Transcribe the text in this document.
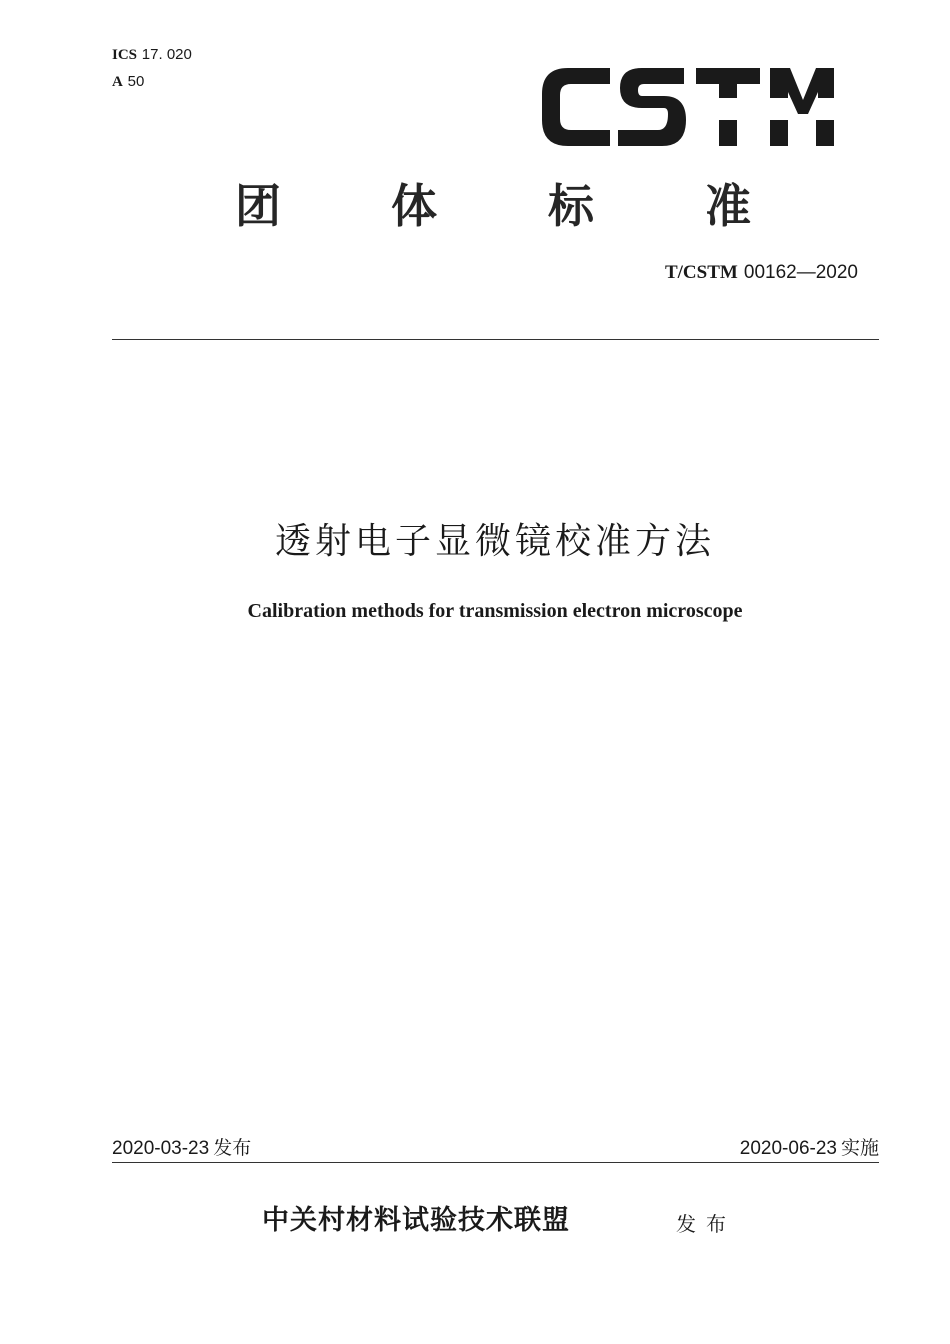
ICS 17. 020
A 50
团 体 标 准
T/CSTM 00162—2020
透射电子显微镜校准方法
Calibration methods for transmission electron microscope
2020-03-23 发布	2020-06-23 实施
中关村材料试验技术联盟	发布
